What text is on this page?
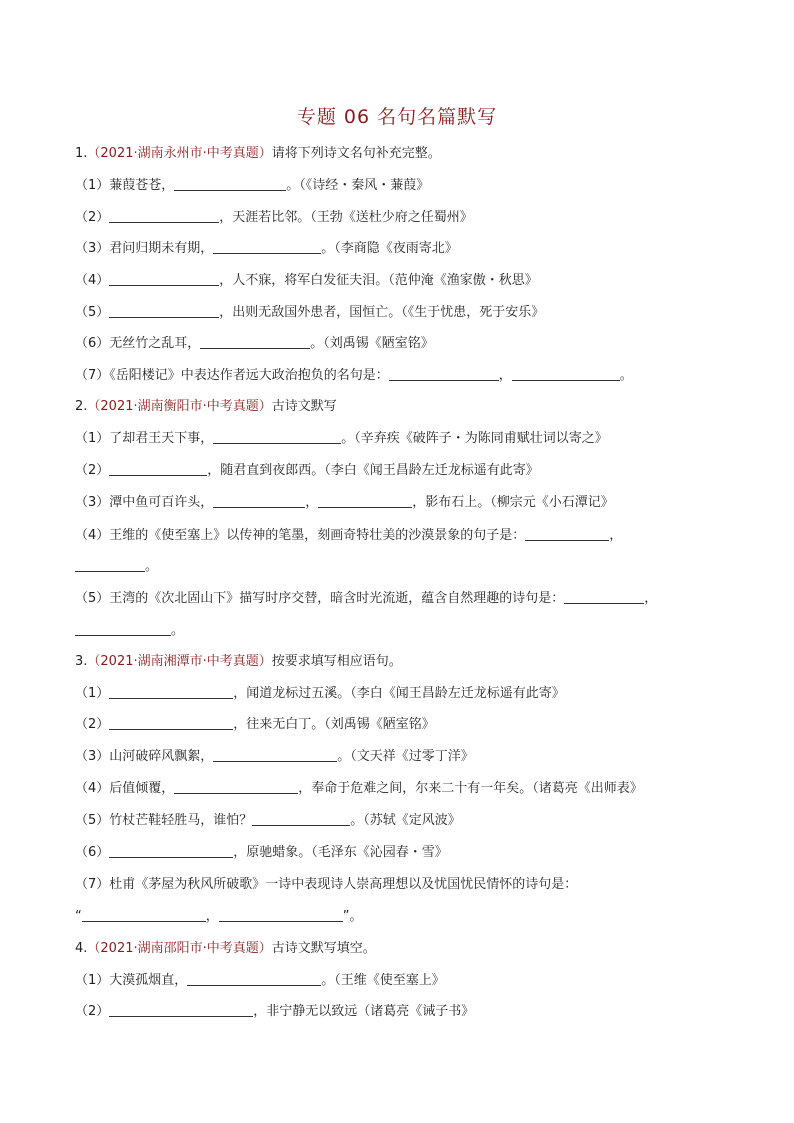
专题 06 名句名篇默写
1.（2021·湖南永州市·中考真题）请将下列诗文名句补充完整。
（1）蒹葭苍苍，	。（《诗经・秦风・蒹葭》
（2）	，天涯若比邻。（王勃《送杜少府之任蜀州》
（3）君问归期未有期，	。（李商隐《夜雨寄北》
（4）	，人不寐，将军白发征夫泪。（范仲淹《渔家傲・秋思》
（5）	，出则无敌国外患者，国恒亡。（《生于忧患，死于安乐》
（6）无丝竹之乱耳，	。（刘禹锡《陋室铭》
（7）《岳阳楼记》中表达作者远大政治抱负的名句是：	，	。
2.（2021·湖南衡阳市·中考真题）古诗文默写
（1）了却君王天下事，	。（辛弃疾《破阵子・为陈同甫赋壮词以寄之》
（2）	，随君直到夜郎西。（李白《闻王昌龄左迁龙标遥有此寄》
（3）潭中鱼可百许头，	，	，影布石上。（柳宗元《小石潭记》
（4）王维的《使至塞上》以传神的笔墨，刻画奇特壮美的沙漠景象的句子是：	，
。
（5）王湾的《次北固山下》描写时序交替，暗含时光流逝，蕴含自然理趣的诗句是：	，
。
3.（2021·湖南湘潭市·中考真题）按要求填写相应语句。
（1）	，闻道龙标过五溪。（李白《闻王昌龄左迁龙标遥有此寄》
（2）	，往来无白丁。（刘禹锡《陋室铭》
（3）山河破碎风飘絮，	。（文天祥《过零丁洋》
（4）后值倾覆，	，奉命于危难之间，尔来二十有一年矣。（诸葛亮《出师表》
（5）竹杖芒鞋轻胜马，谁怕？	。（苏轼《定风波》
（6）	，原驰蜡象。（毛泽东《沁园春・雪》
（7）杜甫《茅屋为秋风所破歌》一诗中表现诗人崇高理想以及忧国忧民情怀的诗句是：
“	，	”。
4.（2021·湖南邵阳市·中考真题）古诗文默写填空。
（1）大漠孤烟直，	。（王维《使至塞上》
（2）	，非宁静无以致远（诸葛亮《诫子书》
